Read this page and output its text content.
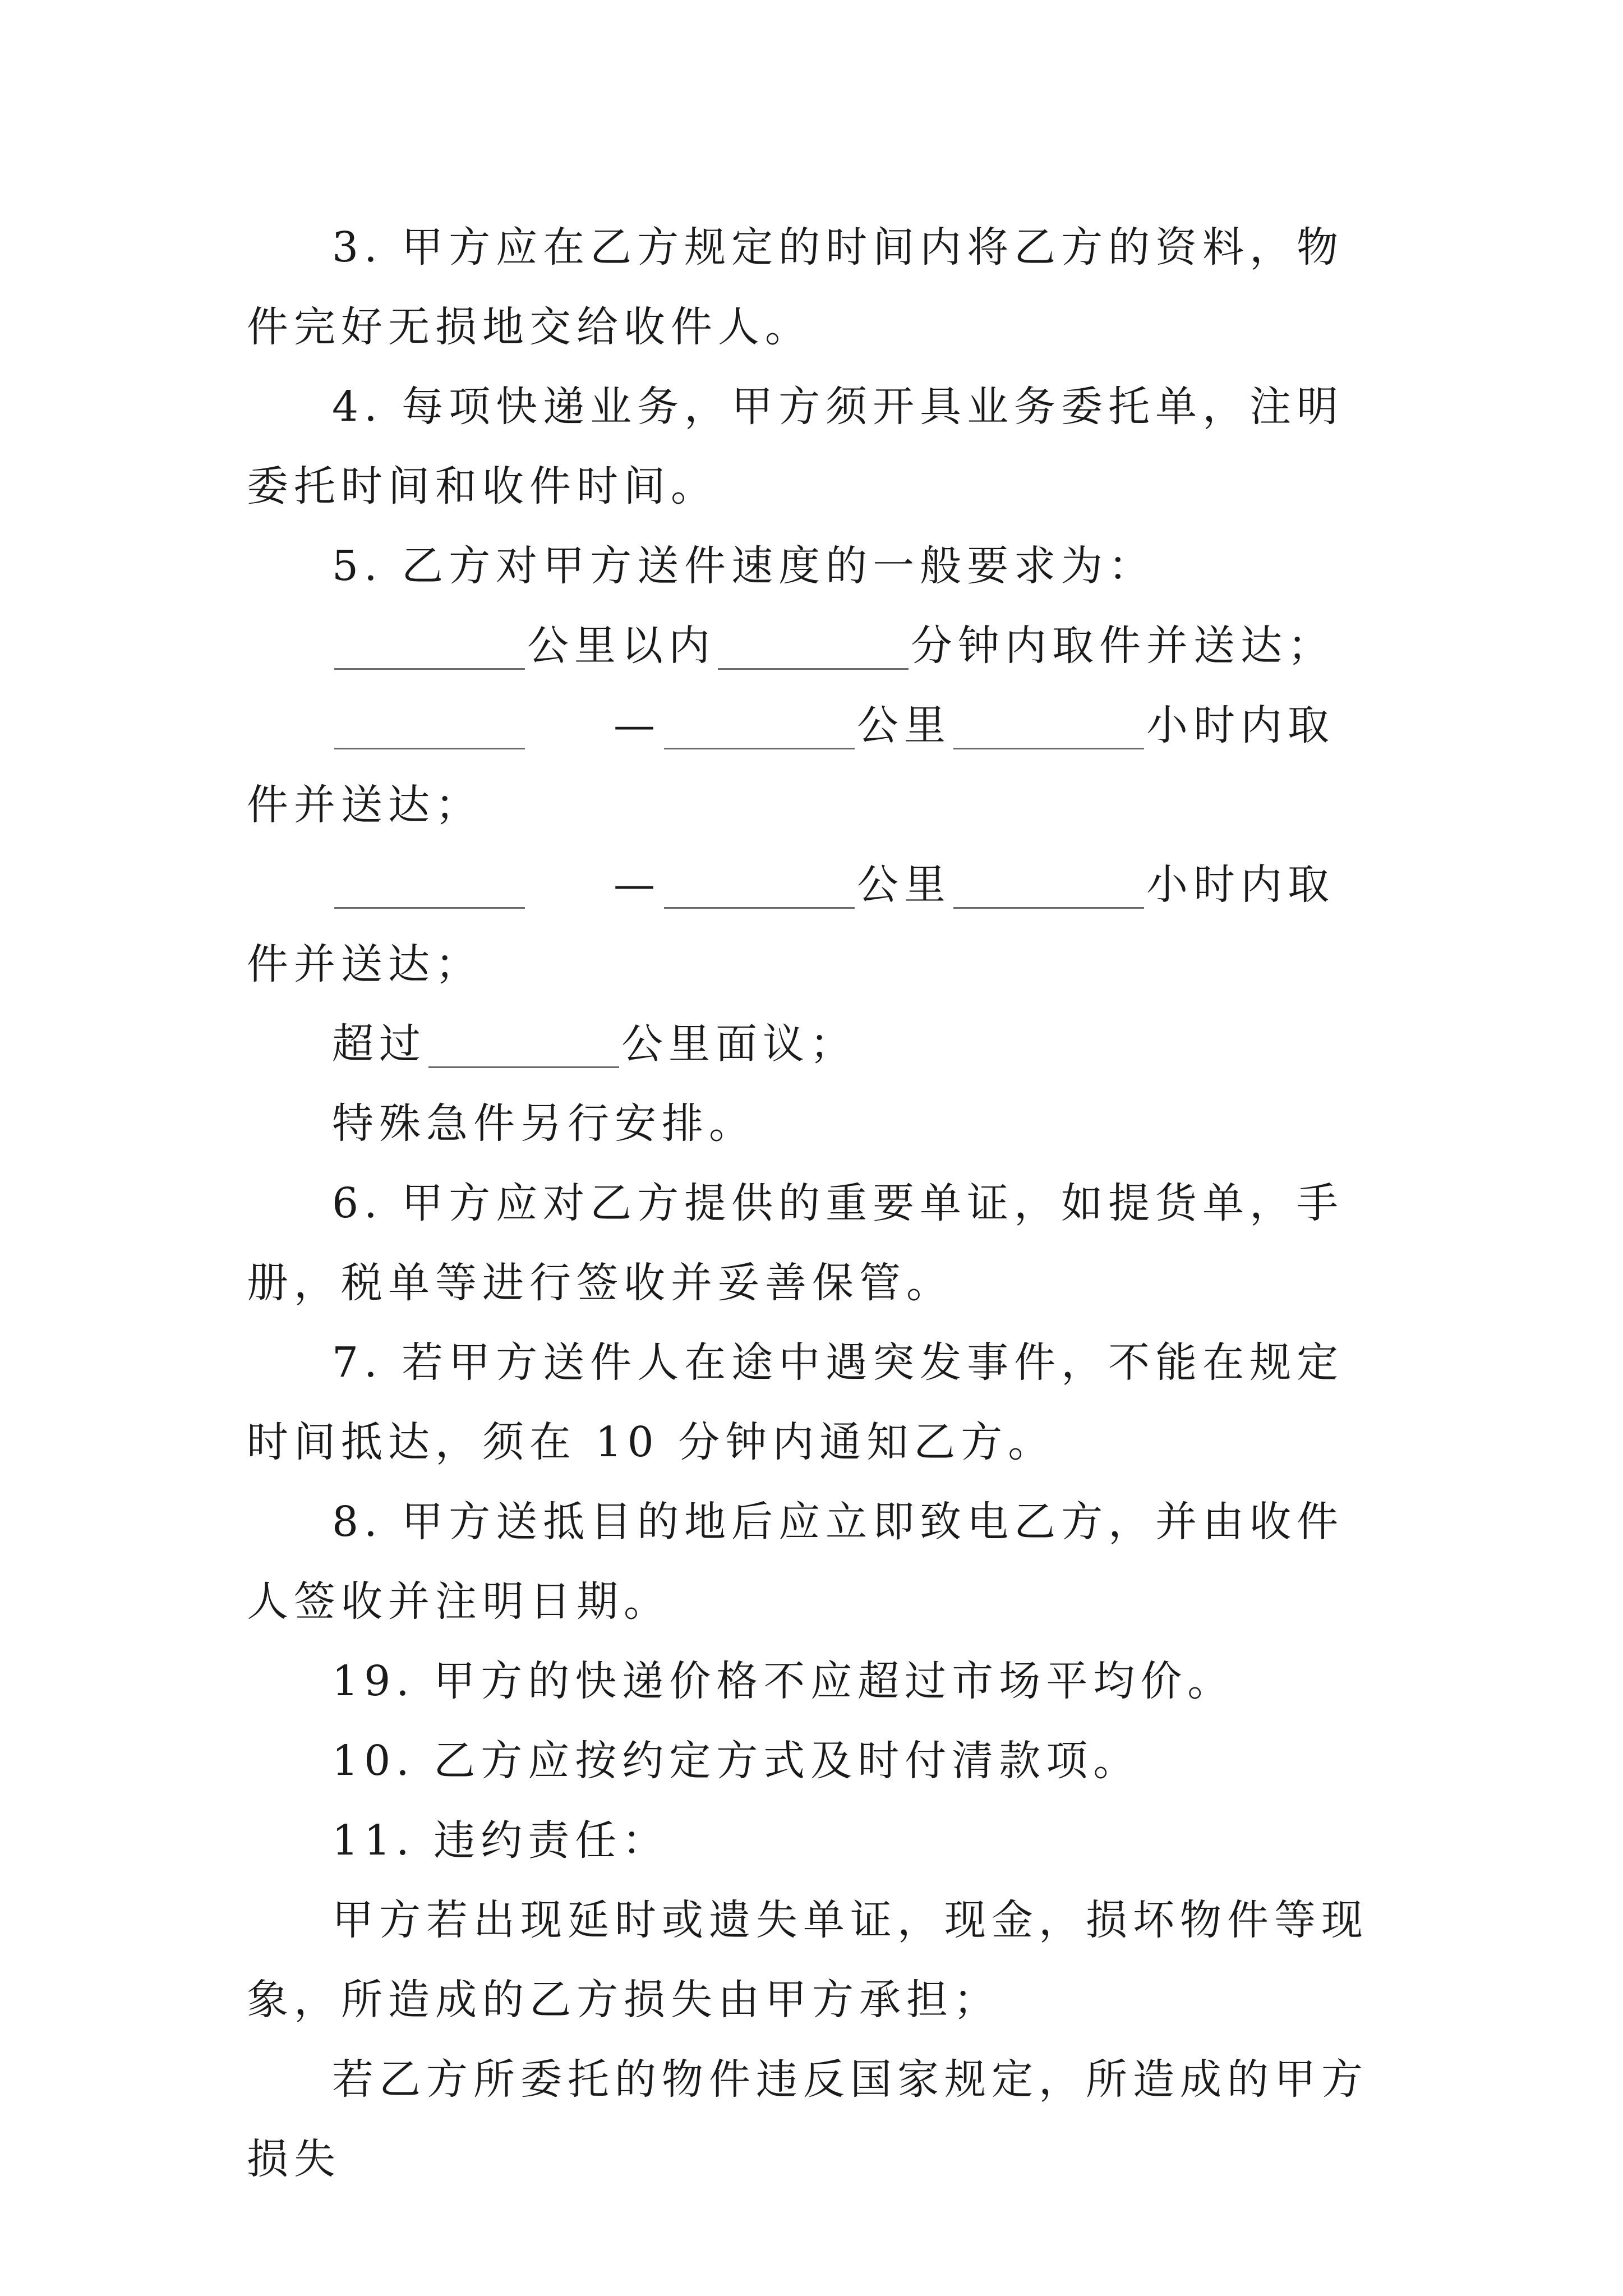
3. 甲方应在乙方规定的时间内将乙方的资料，物件完好无损地交给收件人。

4. 每项快递业务，甲方须开具业务委托单，注明委托时间和收件时间。

5. 乙方对甲方送件速度的一般要求为：

公里以内	分钟内取件并送达；

—	公里	小时内取件并送达；

—	公里	小时内取件并送达；

超过	公里面议；

特殊急件另行安排。

6. 甲方应对乙方提供的重要单证，如提货单，手册，税单等进行签收并妥善保管。

7. 若甲方送件人在途中遇突发事件，不能在规定时间抵达，须在 10 分钟内通知乙方。

8. 甲方送抵目的地后应立即致电乙方，并由收件人签收并注明日期。

19. 甲方的快递价格不应超过市场平均价。

10. 乙方应按约定方式及时付清款项。

11. 违约责任：

甲方若出现延时或遗失单证，现金，损坏物件等现象，所造成的乙方损失由甲方承担；

若乙方所委托的物件违反国家规定，所造成的甲方损失
